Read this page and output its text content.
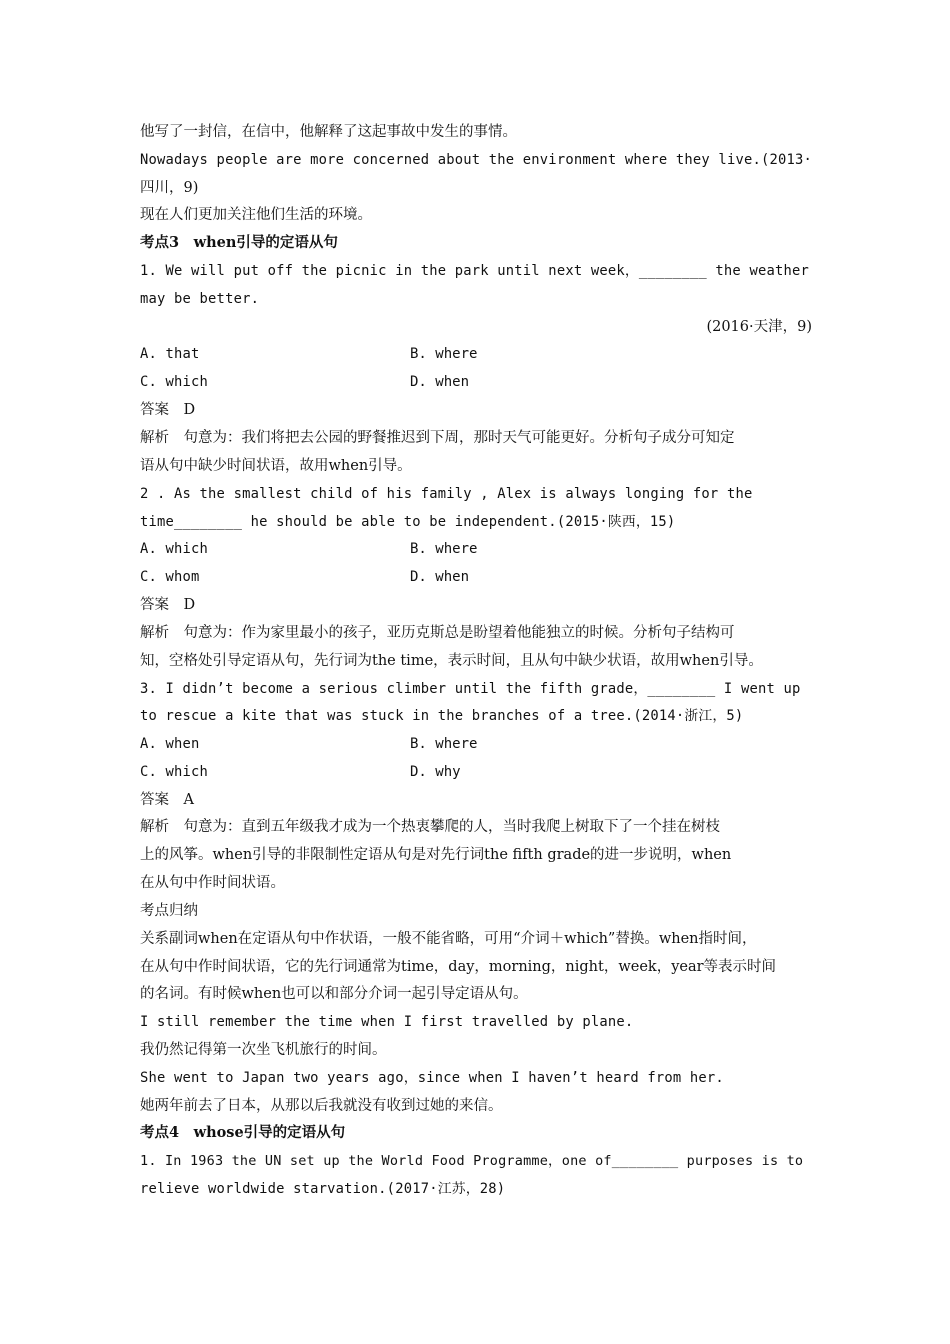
他写了一封信，在信中，他解释了这起事故中发生的事情。
Nowadays people are more concerned about the environment where they live.(2013·
四川，9)
现在人们更加关注他们生活的环境。
考点3　when引导的定语从句
1. We will put off the picnic in the park until next week，________ the weather
may be better.
(2016·天津，9)
A. that	B. where
C. which	D. when
答案　D
解析　句意为：我们将把去公园的野餐推迟到下周，那时天气可能更好。分析句子成分可知定
语从句中缺少时间状语，故用when引导。
2 . As the smallest child of his family , Alex is always longing for the
time________ he should be able to be independent.(2015·陕西，15)
A. which	B. where
C. whom	D. when
答案　D
解析　句意为：作为家里最小的孩子，亚历克斯总是盼望着他能独立的时候。分析句子结构可
知，空格处引导定语从句，先行词为the time，表示时间，且从句中缺少状语，故用when引导。
3. I didn’t become a serious climber until the fifth grade，________ I went up
to rescue a kite that was stuck in the branches of a tree.(2014·浙江，5)
A. when	B. where
C. which	D. why
答案　A
解析　句意为：直到五年级我才成为一个热衷攀爬的人，当时我爬上树取下了一个挂在树枝
上的风筝。when引导的非限制性定语从句是对先行词the fifth grade的进一步说明，when
在从句中作时间状语。
考点归纳
关系副词when在定语从句中作状语，一般不能省略，可用“介词＋which”替换。when指时间，
在从句中作时间状语，它的先行词通常为time，day，morning，night，week，year等表示时间
的名词。有时候when也可以和部分介词一起引导定语从句。
I still remember the time when I first travelled by plane.
我仍然记得第一次坐飞机旅行的时间。
She went to Japan two years ago，since when I haven’t heard from her.
她两年前去了日本，从那以后我就没有收到过她的来信。
考点4　whose引导的定语从句
1. In 1963 the UN set up the World Food Programme，one of________ purposes is to
relieve worldwide starvation.(2017·江苏，28)
